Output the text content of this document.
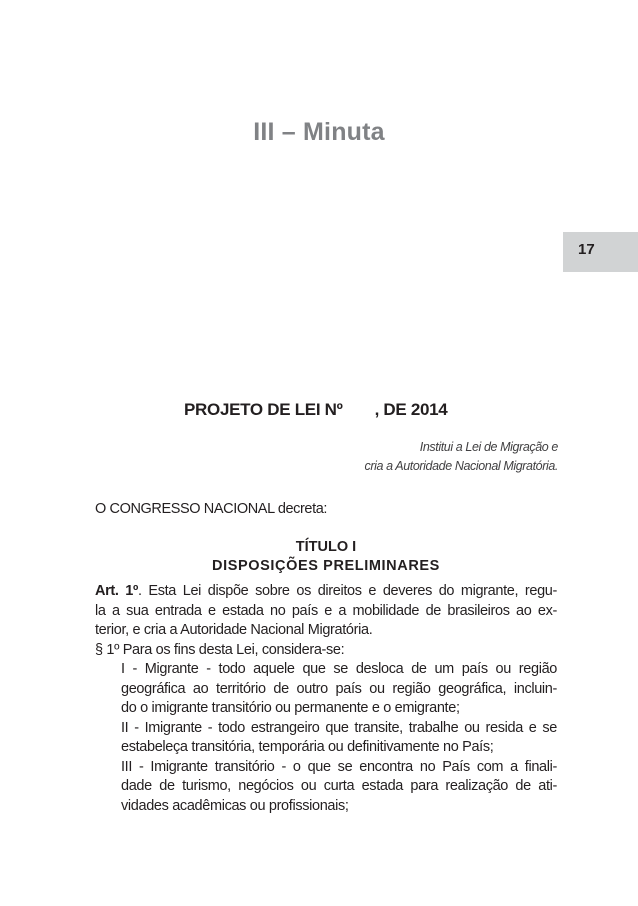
III – Minuta
17
PROJETO DE LEI Nº , DE 2014
Institui a Lei de Migração e
cria a Autoridade Nacional Migratória.
O CONGRESSO NACIONAL decreta:
TÍTULO I
DISPOSIÇÕES PRELIMINARES
Art. 1º. Esta Lei dispõe sobre os direitos e deveres do migrante, regu-
la a sua entrada e estada no país e a mobilidade de brasileiros ao ex-
terior, e cria a Autoridade Nacional Migratória.
§ 1º Para os fins desta Lei, considera-se:
I - Migrante - todo aquele que se desloca de um país ou região
geográfica ao território de outro país ou região geográfica, incluin-
do o imigrante transitório ou permanente e o emigrante;
II - Imigrante - todo estrangeiro que transite, trabalhe ou resida e se
estabeleça transitória, temporária ou definitivamente no País;
III - Imigrante transitório - o que se encontra no País com a finali-
dade de turismo, negócios ou curta estada para realização de ati-
vidades acadêmicas ou profissionais;
